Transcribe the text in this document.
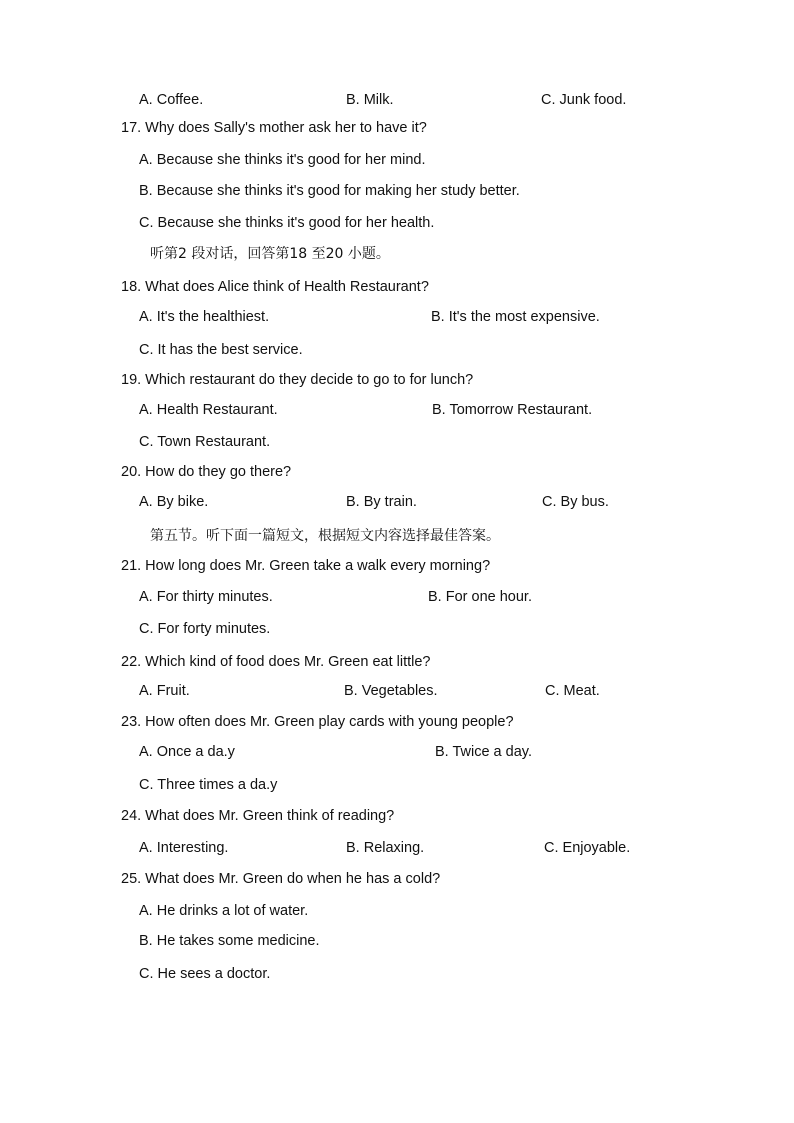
A. Coffee.	B. Milk.	C. Junk food.
17. Why does Sally's mother ask her to have it?
A. Because she thinks it's good for her mind.
B. Because she thinks it's good for making her study better.
C. Because she thinks it's good for her health.
听第2 段对话，回答第18 至20 小题。
18. What does Alice think of Health Restaurant?
A. It's the healthiest.	B. It's the most expensive.
C. It has the best service.
19. Which restaurant do they decide to go to for lunch?
A. Health Restaurant.	B. Tomorrow Restaurant.
C. Town Restaurant.
20. How do they go there?
A. By bike.	B. By train.	C. By bus.
第五节。听下面一篇短文，根据短文内容选择最佳答案。
21. How long does Mr. Green take a walk every morning?
A. For thirty minutes.	B. For one hour.
C. For forty minutes.
22. Which kind of food does Mr. Green eat little?
A. Fruit.	B. Vegetables.	C. Meat.
23. How often does Mr. Green play cards with young people?
A. Once a da.y	B. Twice a day.
C. Three times a da.y
24. What does Mr. Green think of reading?
A. Interesting.	B. Relaxing.	C. Enjoyable.
25. What does Mr. Green do when he has a cold?
A. He drinks a lot of water.
B. He takes some medicine.
C. He sees a doctor.
